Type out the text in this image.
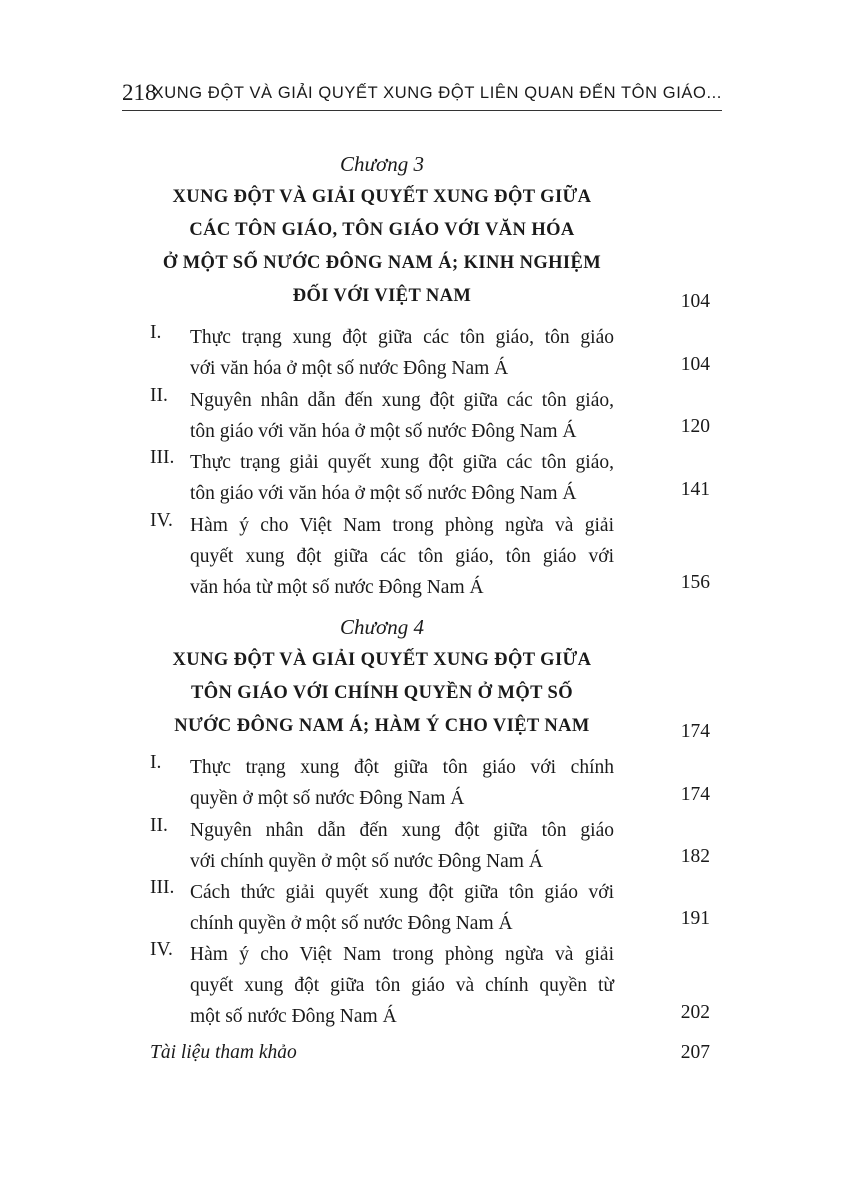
218
XUNG ĐỘT VÀ GIẢI QUYẾT XUNG ĐỘT LIÊN QUAN ĐẾN TÔN GIÁO...
Chương 3
XUNG ĐỘT VÀ GIẢI QUYẾT XUNG ĐỘT GIỮA
CÁC TÔN GIÁO, TÔN GIÁO VỚI VĂN HÓA
Ở MỘT SỐ NƯỚC ĐÔNG NAM Á; KINH NGHIỆM
ĐỐI VỚI VIỆT NAM	104
I. Thực trạng xung đột giữa các tôn giáo, tôn giáo
với văn hóa ở một số nước Đông Nam Á	104
II. Nguyên nhân dẫn đến xung đột giữa các tôn giáo,
tôn giáo với văn hóa ở một số nước Đông Nam Á	120
III. Thực trạng giải quyết xung đột giữa các tôn giáo,
tôn giáo với văn hóa ở một số nước Đông Nam Á	141
IV. Hàm ý cho Việt Nam trong phòng ngừa và giải
quyết xung đột giữa các tôn giáo, tôn giáo với
văn hóa từ một số nước Đông Nam Á	156
Chương 4
XUNG ĐỘT VÀ GIẢI QUYẾT XUNG ĐỘT GIỮA
TÔN GIÁO VỚI CHÍNH QUYỀN Ở MỘT SỐ
NƯỚC ĐÔNG NAM Á; HÀM Ý CHO VIỆT NAM	174
I. Thực trạng xung đột giữa tôn giáo với chính
quyền ở một số nước Đông Nam Á	174
II. Nguyên nhân dẫn đến xung đột giữa tôn giáo
với chính quyền ở một số nước Đông Nam Á	182
III. Cách thức giải quyết xung đột giữa tôn giáo với
chính quyền ở một số nước Đông Nam Á	191
IV. Hàm ý cho Việt Nam trong phòng ngừa và giải
quyết xung đột giữa tôn giáo và chính quyền từ
một số nước Đông Nam Á	202
Tài liệu tham khảo	207
